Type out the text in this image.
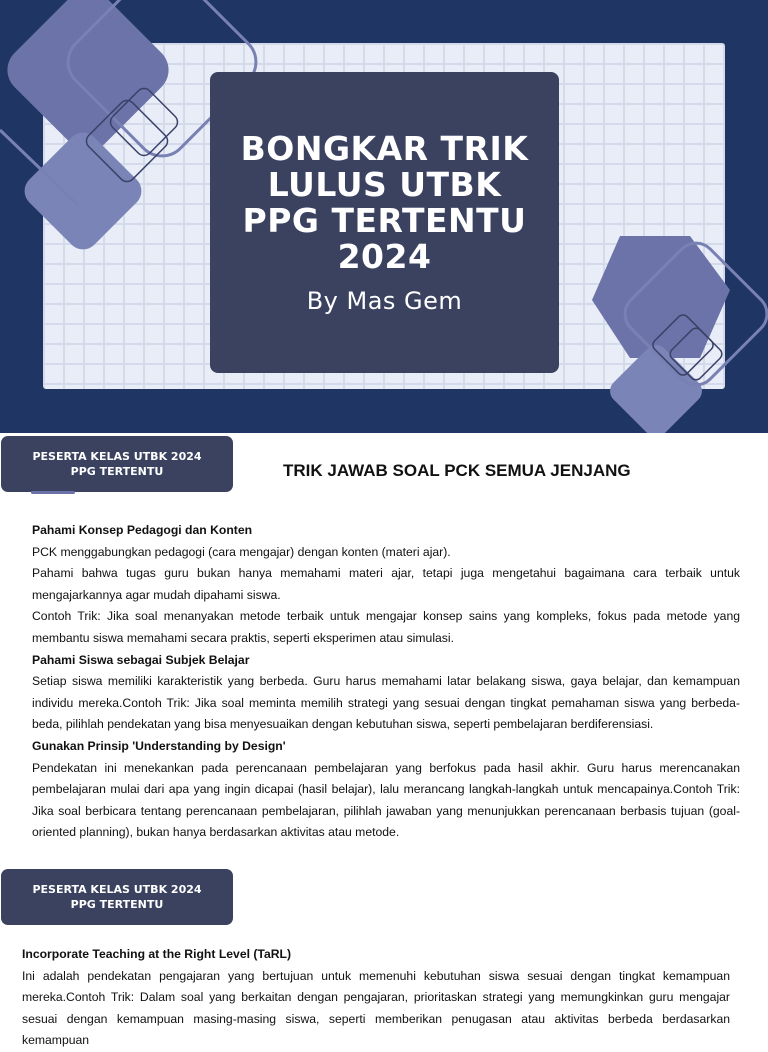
BONGKAR TRIK
LULUS UTBK
PPG TERTENTU
2024
By Mas Gem
PESERTA KELAS UTBK 2024
PPG TERTENTU	TRIK JAWAB SOAL PCK SEMUA JENJANG

Pahami Konsep Pedagogi dan Konten

PCK menggabungkan pedagogi (cara mengajar) dengan konten (materi ajar).

Pahami bahwa tugas guru bukan hanya memahami materi ajar, tetapi juga mengetahui bagaimana cara terbaik untuk mengajarkannya agar mudah dipahami siswa.

Contoh Trik: Jika soal menanyakan metode terbaik untuk mengajar konsep sains yang kompleks, fokus pada metode yang membantu siswa memahami secara praktis, seperti eksperimen atau simulasi.

Pahami Siswa sebagai Subjek Belajar

Setiap siswa memiliki karakteristik yang berbeda. Guru harus memahami latar belakang siswa, gaya belajar, dan kemampuan individu mereka.Contoh Trik: Jika soal meminta memilih strategi yang sesuai dengan tingkat pemahaman siswa yang berbeda-beda, pilihlah pendekatan yang bisa menyesuaikan dengan kebutuhan siswa, seperti pembelajaran berdiferensiasi.

Gunakan Prinsip 'Understanding by Design'

Pendekatan ini menekankan pada perencanaan pembelajaran yang berfokus pada hasil akhir. Guru harus merencanakan pembelajaran mulai dari apa yang ingin dicapai (hasil belajar), lalu merancang langkah-langkah untuk mencapainya.Contoh Trik: Jika soal berbicara tentang perencanaan pembelajaran, pilihlah jawaban yang menunjukkan perencanaan berbasis tujuan (goal-oriented planning), bukan hanya berdasarkan aktivitas atau metode.

PESERTA KELAS UTBK 2024
PPG TERTENTU

Incorporate Teaching at the Right Level (TaRL)

Ini adalah pendekatan pengajaran yang bertujuan untuk memenuhi kebutuhan siswa sesuai dengan tingkat kemampuan mereka.Contoh Trik: Dalam soal yang berkaitan dengan pengajaran, prioritaskan strategi yang memungkinkan guru mengajar sesuai dengan kemampuan masing-masing siswa, seperti memberikan penugasan atau aktivitas berbeda berdasarkan kemampuan
